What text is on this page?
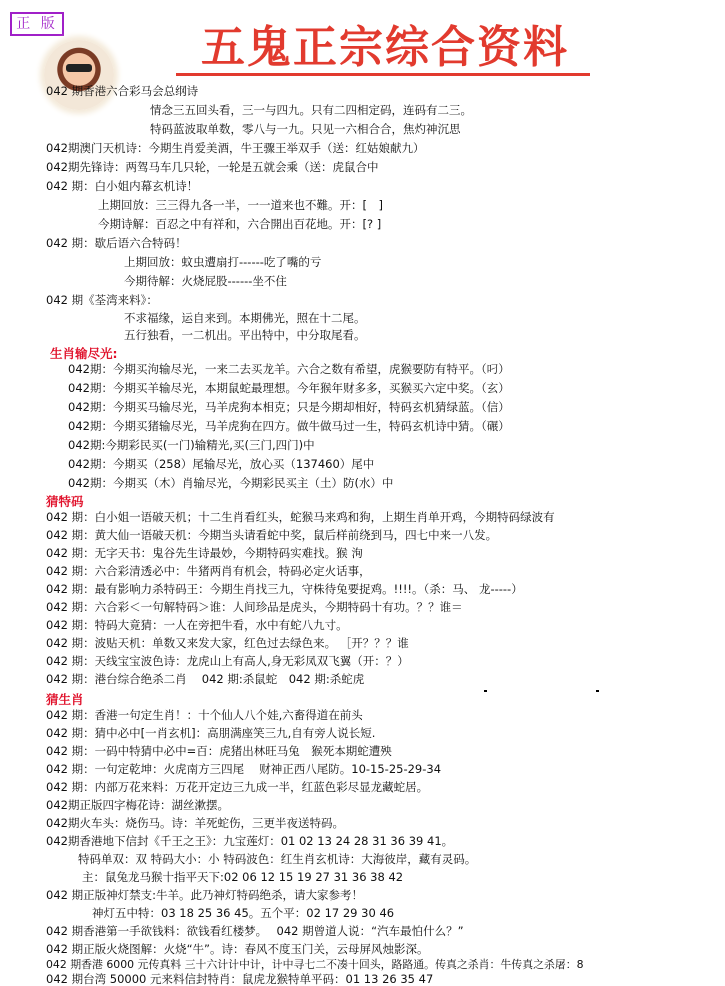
正 版	五鬼正宗综合资料
042 期香港六合彩马会总纲诗
情念三五回头看，三一与四九。只有二四相定码，连码有二三。
特码蓝波取单数，零八与一九。只见一六相合合，焦灼神沉思
042期澳门天机诗：今期生肖爱美酒，牛王骤王举双手（送：红姑娘献九）
042期先锋诗：两驾马车几只轮，一轮是五就会乘（送：虎鼠合中
042 期：白小姐内幕玄机诗！
上期回放：三三得九各一半，一一道来也不難。开：[　]
今期诗解：百忍之中有祥和，六合開出百花地。开：[? ]
042 期：歇后语六合特码！
上期回放：蚊虫遭扇打------吃了嘴的亏
今期待解：火烧屁股------坐不住
042 期《荃湾来料》：
不求福缘，运自来到。本期佛光，照在十二尾。
五行独看，一二机出。平出特中，中分取尾看。
生肖输尽光:
042期：今期买泃输尽光，一来二去买龙羊。六合之数有希望，虎猴要防有特平。（叼）
042期：今期买羊输尽光，本期鼠蛇最理想。今年猴年财多多，买猴买六定中奖。（玄）
042期：今期买马输尽光，马羊虎狗本相克；只是今期却相好，特码玄机猜绿蓝。（信）
042期：今期买猪输尽光，马羊虎狗在四方。做牛做马过一生，特码玄机诗中猜。（碾）
042期:今期彩民买(一门)输精光,买(三门,四门)中
042期：今期买（258）尾输尽光，放心买（137460）尾中
042期：今期买（木）肖输尽光，今期彩民买主（土）防(水）中
猜特码
042 期：白小姐一语破天机；十二生肖看红头，蛇猴马来鸡和狗，上期生肖单开鸡，今期特码绿波有
042 期：黄大仙一语破天机：今期当头请看蛇中奖，鼠后样前绕到马，四七中来一八发。
042 期：无字天书：鬼谷先生诗最妙，今期特码实难找。猴 洵
042 期：六合彩清透必中：牛猪两肖有机会，特码必定火话事，
042 期：最有影响力杀特码王：今期生肖找三九，守株待兔要捉鸡。!!!!。（杀：马、 龙-----）
042 期：六合彩＜一句解特码＞谁：人间珍品是虎头，今期特码十有功。？？谁＝
042 期：特码大竟猜：一人在旁把牛看，水中有蛇八九寸。
042 期：波贴天机：单数又来发大家，红色过去绿色来。 ［开？？？谁
042 期：天线宝宝波色诗：龙虎山上有高人,身无彩凤双飞翼（开：？）
042 期：港台综合绝杀二肖　 042 期:杀鼠蛇　042 期:杀蛇虎
猜生肖
042 期：香港一句定生肖！：十个仙人八个娃,六畜得道在前头
042 期：猜中必中[一肖玄机]：高朋满座笑三九,自有旁人说长短.
042 期：一码中特猜中必中=百：虎猪出林旺马兔　猴死本期蛇遭殃
042 期：一句定乾坤：火虎南方三四尾　 财神正西八尾防。10-15-25-29-34
042 期：内部万花来料：万花开定边三九成一半，红蓝色彩尽显龙藏蛇居。
042期正版四字梅花诗：湖丝漱摆。
042期火车头：烧伤马。诗：羊死蛇伤，三更半夜送特码。
042期香港地下信封《千王之王》：九宝莲灯：01 02 13 24 28 31 36 39 41。
特码单双：双 特码大小：小 特码波色：红生肖玄机诗：大海彼岸，藏有灵码。
主：鼠兔龙马猴十指平天下:02 06 12 15 19 27 31 36 38 42
042 期正版神灯禁支:牛羊。此乃神灯特码绝杀，请大家参考！
神灯五中特：03 18 25 36 45。五个平：02 17 29 30 46
042 期香港第一手欲钱料：欲钱看红楼梦。　 042 期曾道人说：“汽车最怕什么？”
042 期正版火烧图解：火烧“牛”。诗：春风不度玉门关，云母屏风烛影深。
042 期香港 6000 元传真料 三十六计计中计，计中寻七二不凑十回头，路路通。传真之杀肖：牛传真之杀屠：8
042 期台湾 50000 元来料信封特肖：鼠虎龙猴特单平码：01 13 26 35 47
